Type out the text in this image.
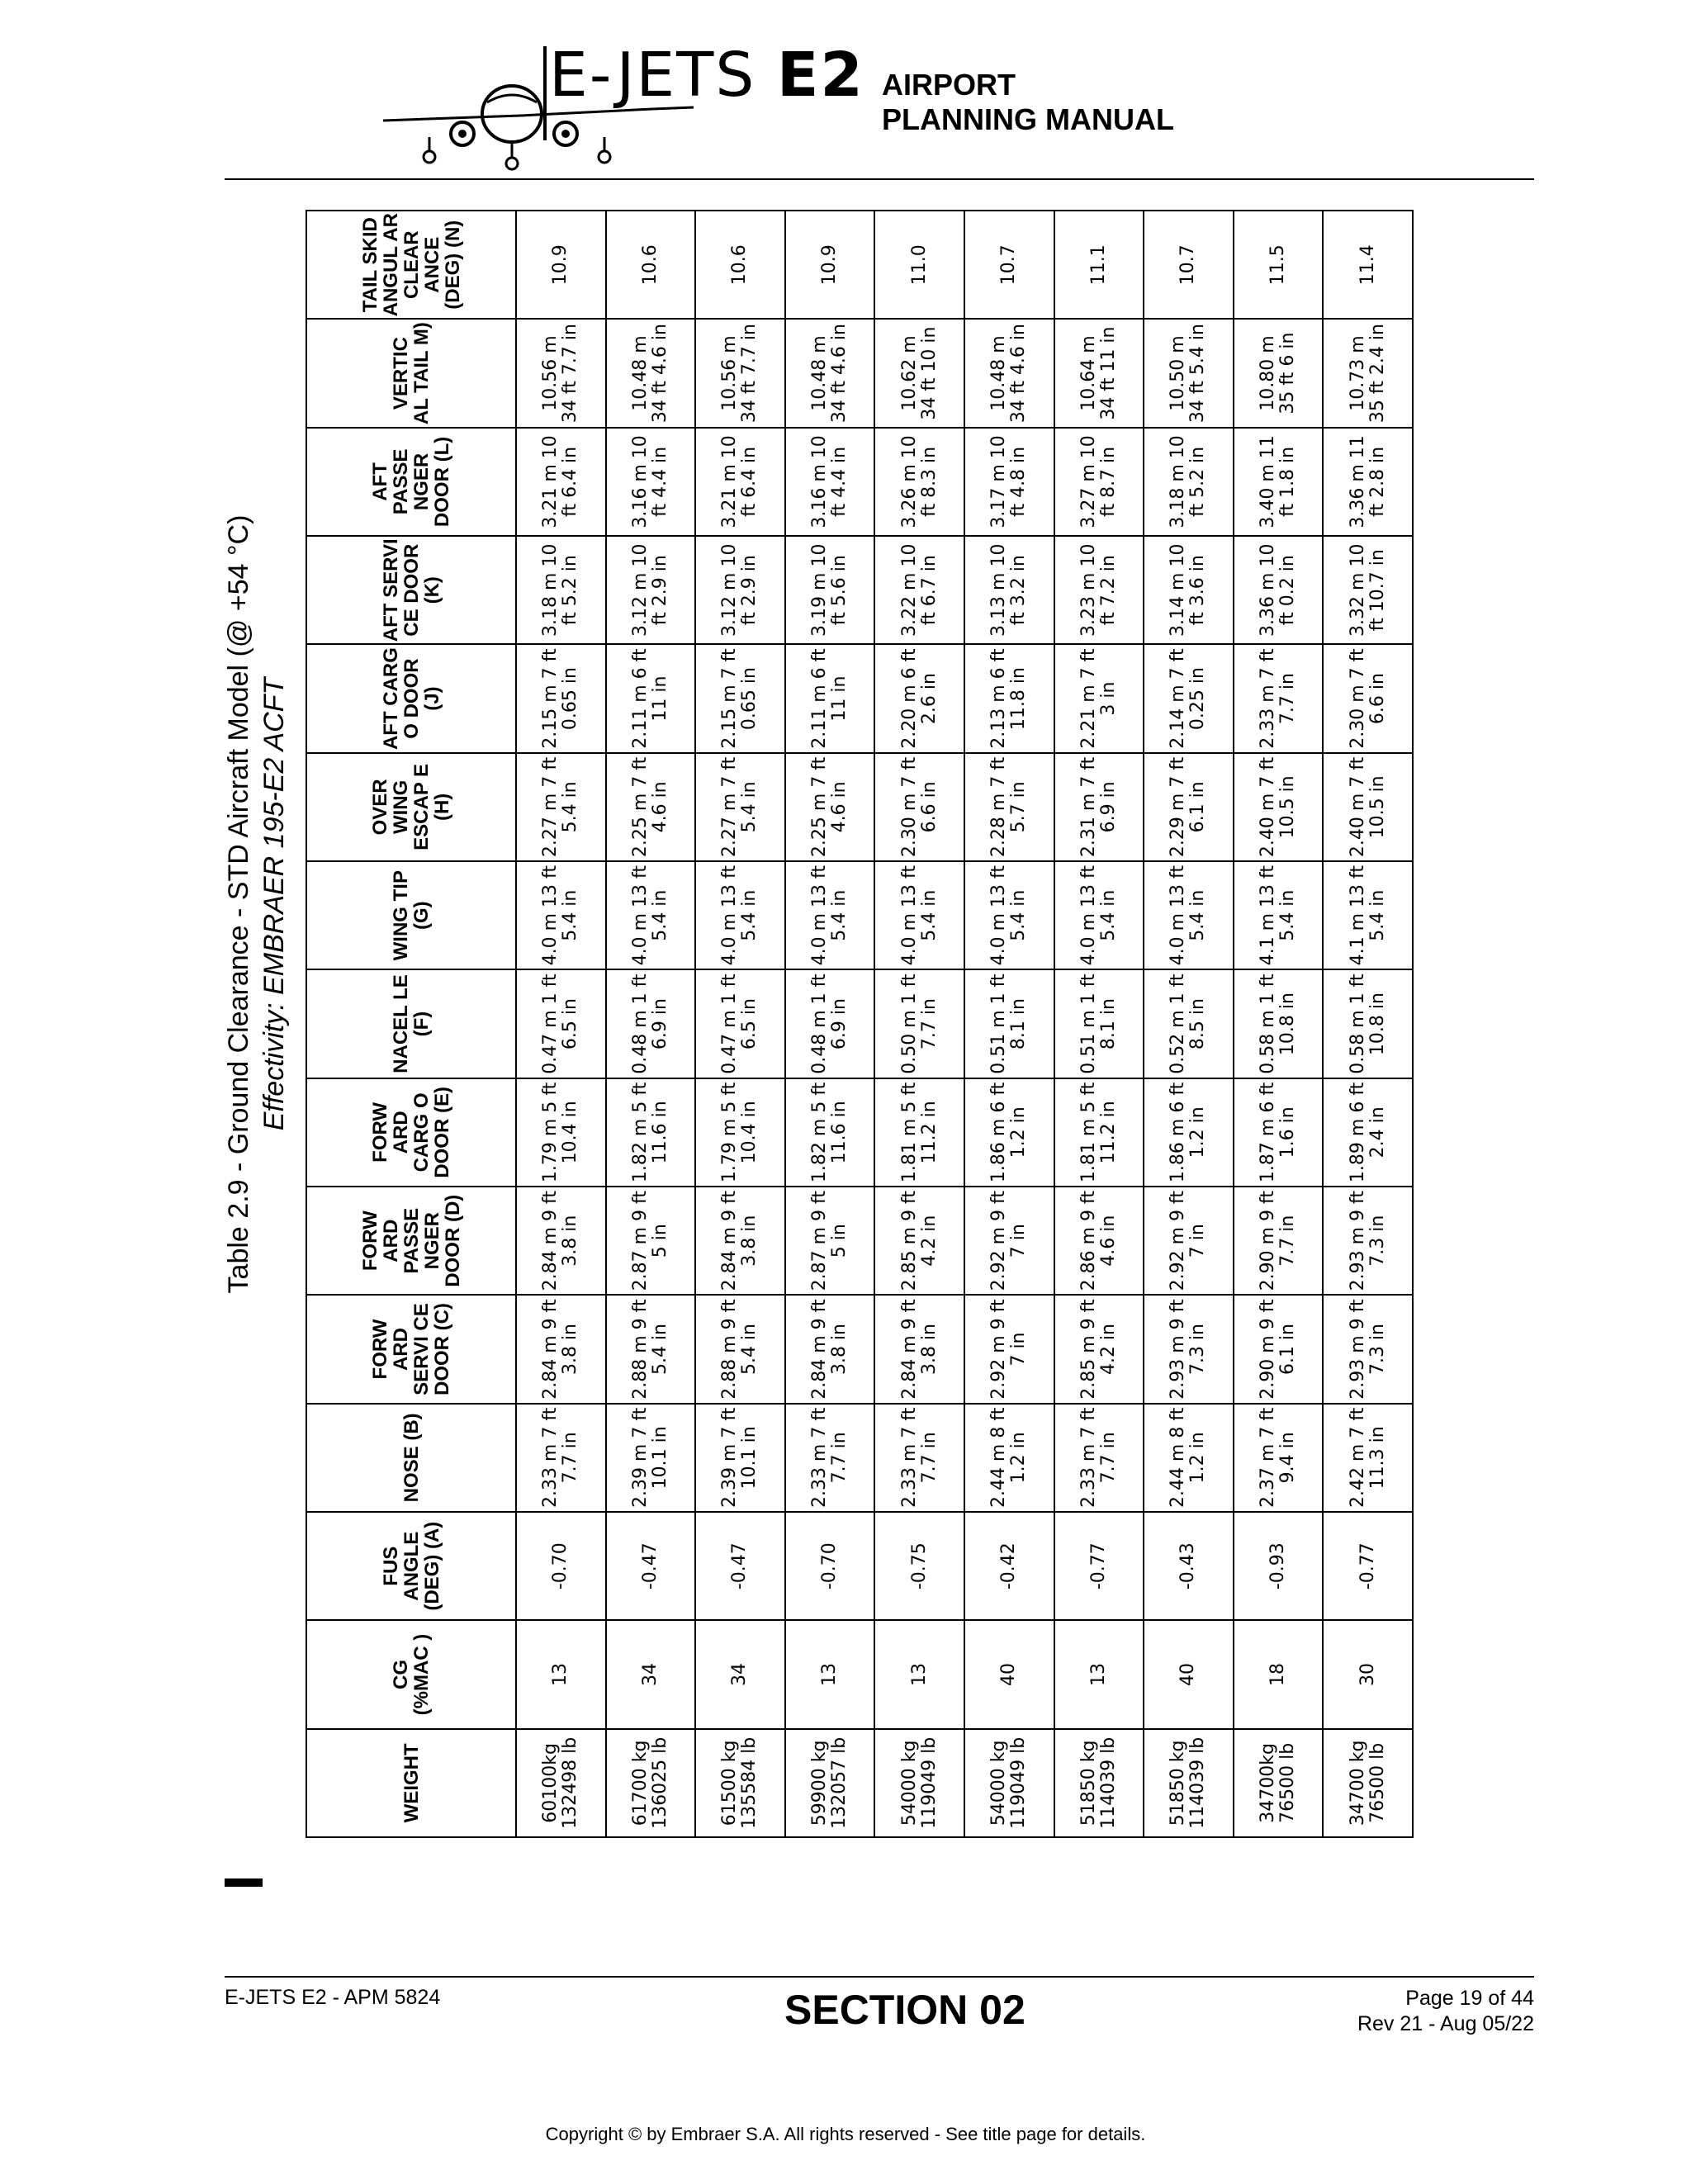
E-JETS E2 AIRPORT
PLANNING MANUAL
Table 2.9 - Ground Clearance - STD Aircraft Model (@ +54 °C) Effectivity: EMBRAER 195-E2 ACFT
WEIGHT	CG (%MAC )	FUS ANGLE (DEG) (A)	NOSE (B)	FORW ARD SERVI CE DOOR (C)	FORW ARD PASSE NGER DOOR (D)	FORW ARD CARG O DOOR (E)	NACEL LE (F)	WING TIP (G)	OVER WING ESCAP E (H)	AFT CARG O DOOR (J)	AFT SERVI CE DOOR (K)	AFT PASSE NGER DOOR (L)	VERTIC AL TAIL M)	TAIL SKID ANGUL AR CLEAR ANCE (DEG) (N)
60100kg 132498 lb	13	-0.70	2.33 m 7 ft 7.7 in	2.84 m 9 ft 3.8 in	2.84 m 9 ft 3.8 in	1.79 m 5 ft 10.4 in	0.47 m 1 ft 6.5 in	4.0 m 13 ft 5.4 in	2.27 m 7 ft 5.4 in	2.15 m 7 ft 0.65 in	3.18 m 10 ft 5.2 in	3.21 m 10 ft 6.4 in	10.56 m 34 ft 7.7 in	10.9
61700 kg 136025 lb	34	-0.47	2.39 m 7 ft 10.1 in	2.88 m 9 ft 5.4 in	2.87 m 9 ft 5 in	1.82 m 5 ft 11.6 in	0.48 m 1 ft 6.9 in	4.0 m 13 ft 5.4 in	2.25 m 7 ft 4.6 in	2.11 m 6 ft 11 in	3.12 m 10 ft 2.9 in	3.16 m 10 ft 4.4 in	10.48 m 34 ft 4.6 in	10.6
61500 kg 135584 lb	34	-0.47	2.39 m 7 ft 10.1 in	2.88 m 9 ft 5.4 in	2.84 m 9 ft 3.8 in	1.79 m 5 ft 10.4 in	0.47 m 1 ft 6.5 in	4.0 m 13 ft 5.4 in	2.27 m 7 ft 5.4 in	2.15 m 7 ft 0.65 in	3.12 m 10 ft 2.9 in	3.21 m 10 ft 6.4 in	10.56 m 34 ft 7.7 in	10.6
59900 kg 132057 lb	13	-0.70	2.33 m 7 ft 7.7 in	2.84 m 9 ft 3.8 in	2.87 m 9 ft 5 in	1.82 m 5 ft 11.6 in	0.48 m 1 ft 6.9 in	4.0 m 13 ft 5.4 in	2.25 m 7 ft 4.6 in	2.11 m 6 ft 11 in	3.19 m 10 ft 5.6 in	3.16 m 10 ft 4.4 in	10.48 m 34 ft 4.6 in	10.9
54000 kg 119049 lb	13	-0.75	2.33 m 7 ft 7.7 in	2.84 m 9 ft 3.8 in	2.85 m 9 ft 4.2 in	1.81 m 5 ft 11.2 in	0.50 m 1 ft 7.7 in	4.0 m 13 ft 5.4 in	2.30 m 7 ft 6.6 in	2.20 m 6 ft 2.6 in	3.22 m 10 ft 6.7 in	3.26 m 10 ft 8.3 in	10.62 m 34 ft 10 in	11.0
54000 kg 119049 lb	40	-0.42	2.44 m 8 ft 1.2 in	2.92 m 9 ft 7 in	2.92 m 9 ft 7 in	1.86 m 6 ft 1.2 in	0.51 m 1 ft 8.1 in	4.0 m 13 ft 5.4 in	2.28 m 7 ft 5.7 in	2.13 m 6 ft 11.8 in	3.13 m 10 ft 3.2 in	3.17 m 10 ft 4.8 in	10.48 m 34 ft 4.6 in	10.7
51850 kg 114039 lb	13	-0.77	2.33 m 7 ft 7.7 in	2.85 m 9 ft 4.2 in	2.86 m 9 ft 4.6 in	1.81 m 5 ft 11.2 in	0.51 m 1 ft 8.1 in	4.0 m 13 ft 5.4 in	2.31 m 7 ft 6.9 in	2.21 m 7 ft 3 in	3.23 m 10 ft 7.2 in	3.27 m 10 ft 8.7 in	10.64 m 34 ft 11 in	11.1
51850 kg 114039 lb	40	-0.43	2.44 m 8 ft 1.2 in	2.93 m 9 ft 7.3 in	2.92 m 9 ft 7 in	1.86 m 6 ft 1.2 in	0.52 m 1 ft 8.5 in	4.0 m 13 ft 5.4 in	2.29 m 7 ft 6.1 in	2.14 m 7 ft 0.25 in	3.14 m 10 ft 3.6 in	3.18 m 10 ft 5.2 in	10.50 m 34 ft 5.4 in	10.7
34700kg 76500 lb	18	-0.93	2.37 m 7 ft 9.4 in	2.90 m 9 ft 6.1 in	2.90 m 9 ft 7.7 in	1.87 m 6 ft 1.6 in	0.58 m 1 ft 10.8 in	4.1 m 13 ft 5.4 in	2.40 m 7 ft 10.5 in	2.33 m 7 ft 7.7 in	3.36 m 10 ft 0.2 in	3.40 m 11 ft 1.8 in	10.80 m 35 ft 6 in	11.5
34700 kg 76500 lb	30	-0.77	2.42 m 7 ft 11.3 in	2.93 m 9 ft 7.3 in	2.93 m 9 ft 7.3 in	1.89 m 6 ft 2.4 in	0.58 m 1 ft 10.8 in	4.1 m 13 ft 5.4 in	2.40 m 7 ft 10.5 in	2.30 m 7 ft 6.6 in	3.32 m 10 ft 10.7 in	3.36 m 11 ft 2.8 in	10.73 m 35 ft 2.4 in	11.4
E-JETS E2 - APM 5824	SECTION 02	Page 19 of 44
Rev 21 - Aug 05/22
Copyright © by Embraer S.A. All rights reserved - See title page for details.
